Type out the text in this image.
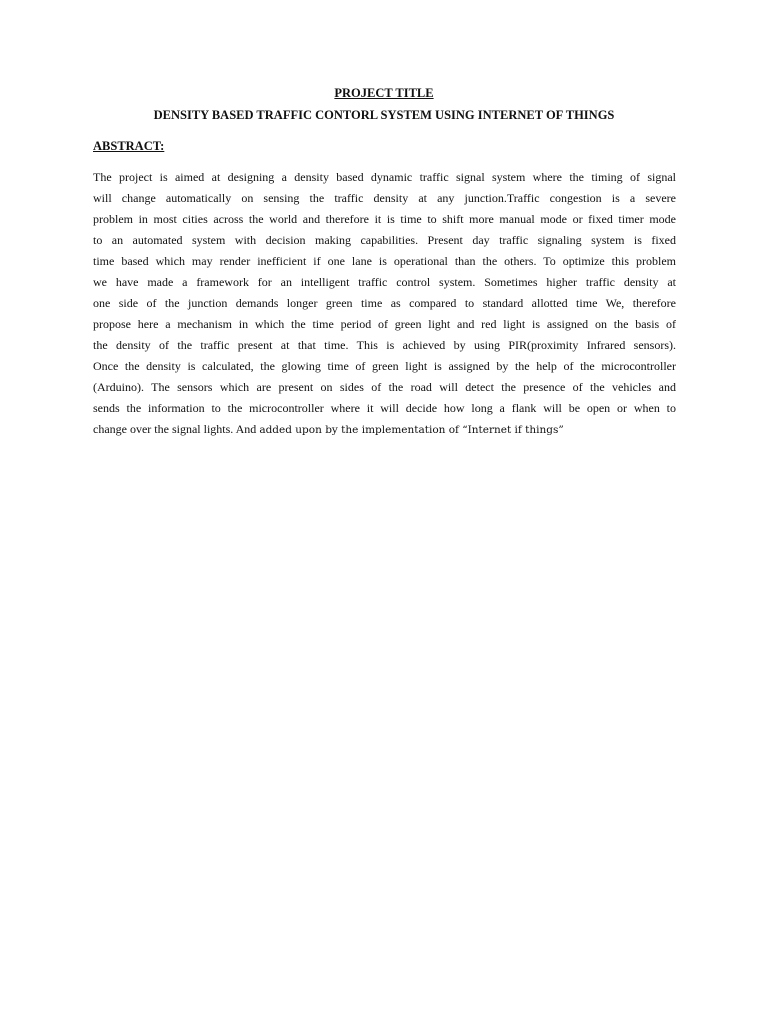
PROJECT TITLE
DENSITY BASED TRAFFIC CONTORL SYSTEM USING INTERNET OF THINGS
ABSTRACT:
The project is aimed at designing a density based dynamic traffic signal system where the timing of signal
will change automatically on sensing the traffic density at any junction.Traffic congestion is a severe
problem in most cities across the world and therefore it is time to shift more manual mode or fixed timer mode
to an automated system with decision making capabilities. Present day traffic signaling system is fixed
time based which may render inefficient if one lane is operational than the others. To optimize this problem
we have made a framework for an intelligent traffic control system. Sometimes higher traffic density at
one side of the junction demands longer green time as compared to standard allotted time We, therefore
propose here a mechanism in which the time period of green light and red light is assigned on the basis of
the density of the traffic present at that time. This is achieved by using PIR(proximity Infrared sensors).
Once the density is calculated, the glowing time of green light is assigned by the help of the microcontroller
(Arduino). The sensors which are present on sides of the road will detect the presence of the vehicles and
sends the information to the microcontroller where it will decide how long a flank will be open or when to
change over the signal lights. And added upon by the implementation of “Internet if things”
